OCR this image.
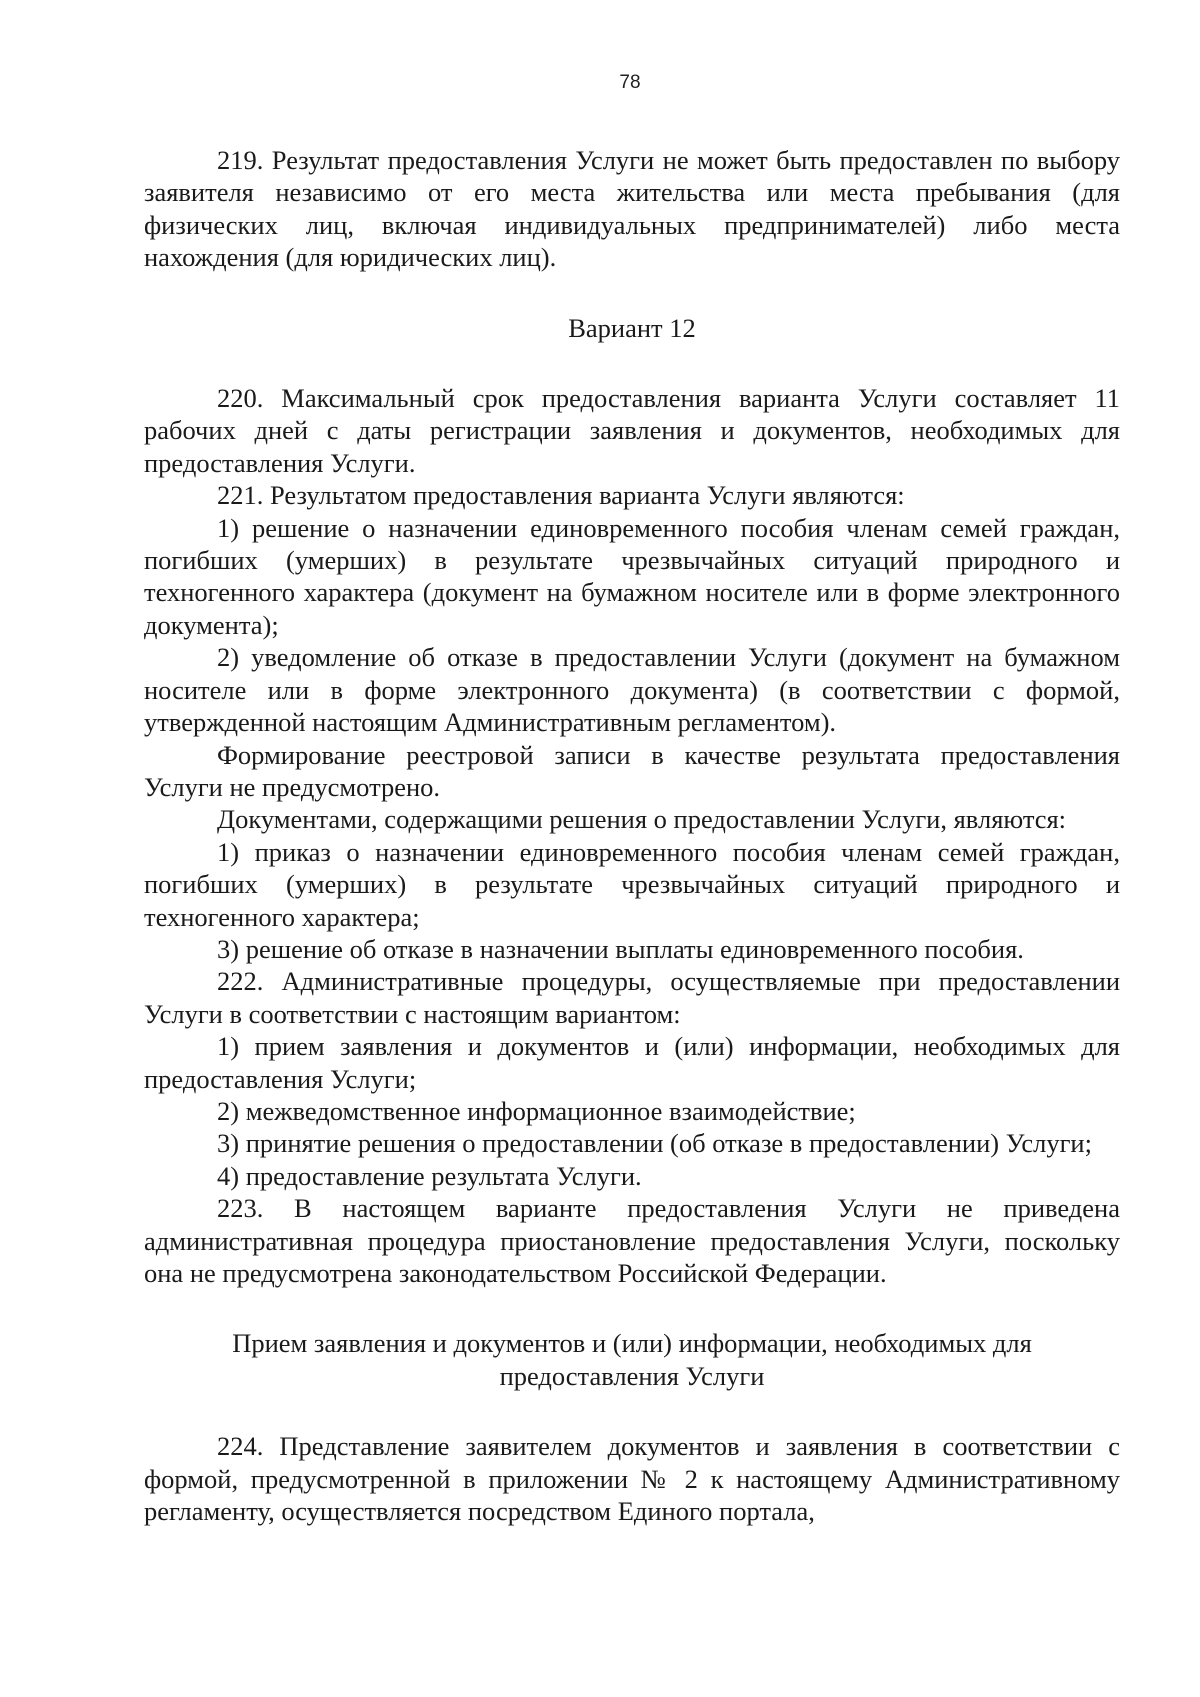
78

219. Результат предоставления Услуги не может быть предоставлен по выбору заявителя независимо от его места жительства или места пребывания (для физических лиц, включая индивидуальных предпринимателей) либо места нахождения (для юридических лиц).

Вариант 12

220. Максимальный срок предоставления варианта Услуги составляет 11 рабочих дней с даты регистрации заявления и документов, необходимых для предоставления Услуги.

221. Результатом предоставления варианта Услуги являются:

1) решение о назначении единовременного пособия членам семей граждан, погибших (умерших) в результате чрезвычайных ситуаций природного и техногенного характера (документ на бумажном носителе или в форме электронного документа);

2) уведомление об отказе в предоставлении Услуги (документ на бумажном носителе или в форме электронного документа) (в соответствии с формой, утвержденной настоящим Административным регламентом).

Формирование реестровой записи в качестве результата предоставления Услуги не предусмотрено.

Документами, содержащими решения о предоставлении Услуги, являются:

1) приказ о назначении единовременного пособия членам семей граждан, погибших (умерших) в результате чрезвычайных ситуаций природного и техногенного характера;

3) решение об отказе в назначении выплаты единовременного пособия.

222. Административные процедуры, осуществляемые при предоставлении Услуги в соответствии с настоящим вариантом:

1) прием заявления и документов и (или) информации, необходимых для предоставления Услуги;

2) межведомственное информационное взаимодействие;

3) принятие решения о предоставлении (об отказе в предоставлении) Услуги;

4) предоставление результата Услуги.

223. В настоящем варианте предоставления Услуги не приведена административная процедура приостановление предоставления Услуги, поскольку она не предусмотрена законодательством Российской Федерации.

Прием заявления и документов и (или) информации, необходимых для предоставления Услуги

224. Представление заявителем документов и заявления в соответствии с формой, предусмотренной в приложении № 2 к настоящему Административному регламенту, осуществляется посредством Единого портала,
